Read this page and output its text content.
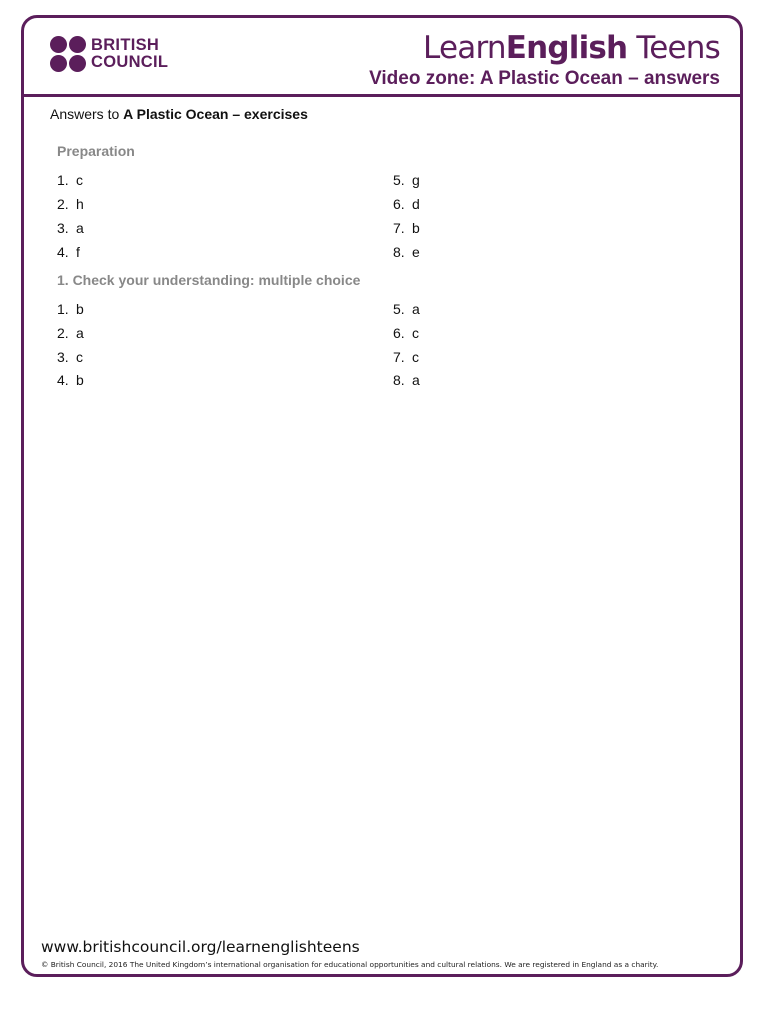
BRITISH
COUNCIL	LearnEnglish Teens
Video zone: A Plastic Ocean – answers
Answers to A Plastic Ocean – exercises
Preparation
1. c
2. h
3. a
4. f
5. g
6. d
7. b
8. e
1. Check your understanding: multiple choice
1. b
2. a
3. c
4. b
5. a
6. c
7. c
8. a
www.britishcouncil.org/learnenglishteens
© British Council, 2016 The United Kingdom’s international organisation for educational opportunities and cultural relations. We are registered in England as a charity.
